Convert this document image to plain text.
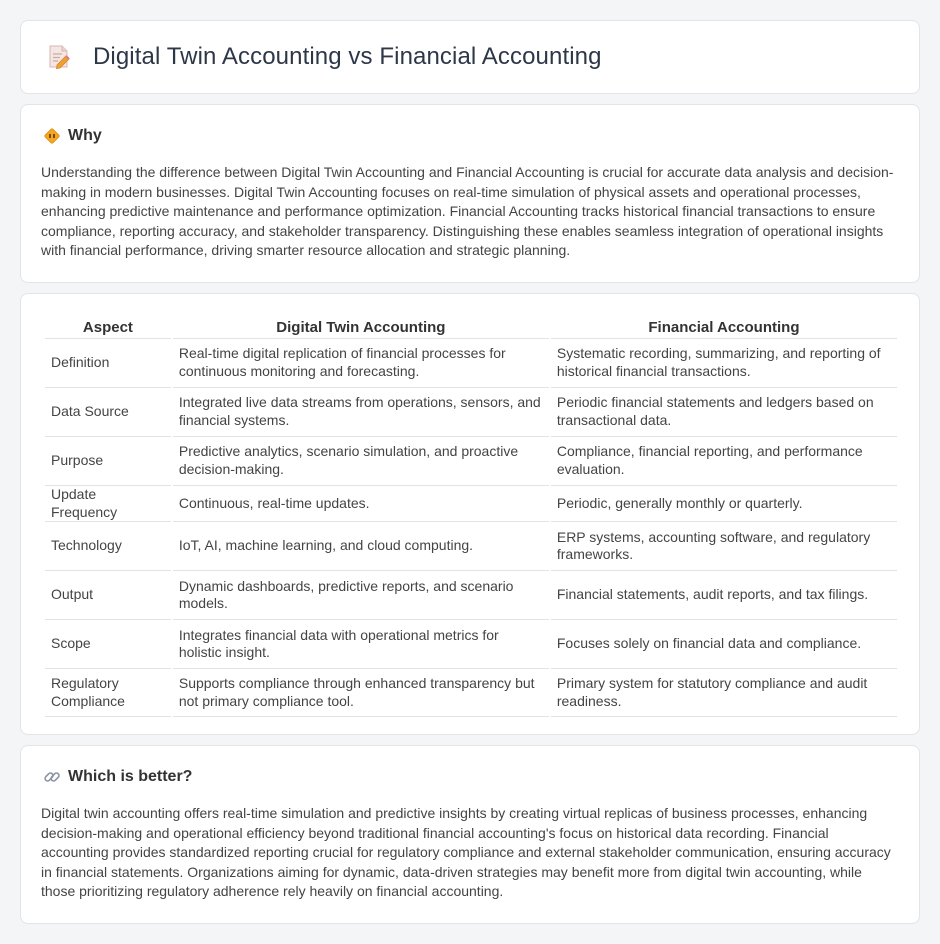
Digital Twin Accounting vs Financial Accounting
Why

Understanding the difference between Digital Twin Accounting and Financial Accounting is crucial for accurate data analysis and decision-making in modern businesses. Digital Twin Accounting focuses on real-time simulation of physical assets and operational processes, enhancing predictive maintenance and performance optimization. Financial Accounting tracks historical financial transactions to ensure compliance, reporting accuracy, and stakeholder transparency. Distinguishing these enables seamless integration of operational insights with financial performance, driving smarter resource allocation and strategic planning.

Aspect	Digital Twin Accounting	Financial Accounting
Definition	Real-time digital replication of financial processes for continuous monitoring and forecasting.	Systematic recording, summarizing, and reporting of historical financial transactions.
Data Source	Integrated live data streams from operations, sensors, and financial systems.	Periodic financial statements and ledgers based on transactional data.
Purpose	Predictive analytics, scenario simulation, and proactive decision-making.	Compliance, financial reporting, and performance evaluation.
Update Frequency	Continuous, real-time updates.	Periodic, generally monthly or quarterly.
Technology	IoT, AI, machine learning, and cloud computing.	ERP systems, accounting software, and regulatory frameworks.
Output	Dynamic dashboards, predictive reports, and scenario models.	Financial statements, audit reports, and tax filings.
Scope	Integrates financial data with operational metrics for holistic insight.	Focuses solely on financial data and compliance.
Regulatory Compliance	Supports compliance through enhanced transparency but not primary compliance tool.	Primary system for statutory compliance and audit readiness.
Which is better?

Digital twin accounting offers real-time simulation and predictive insights by creating virtual replicas of business processes, enhancing decision-making and operational efficiency beyond traditional financial accounting's focus on historical data recording. Financial accounting provides standardized reporting crucial for regulatory compliance and external stakeholder communication, ensuring accuracy in financial statements. Organizations aiming for dynamic, data-driven strategies may benefit more from digital twin accounting, while those prioritizing regulatory adherence rely heavily on financial accounting.
